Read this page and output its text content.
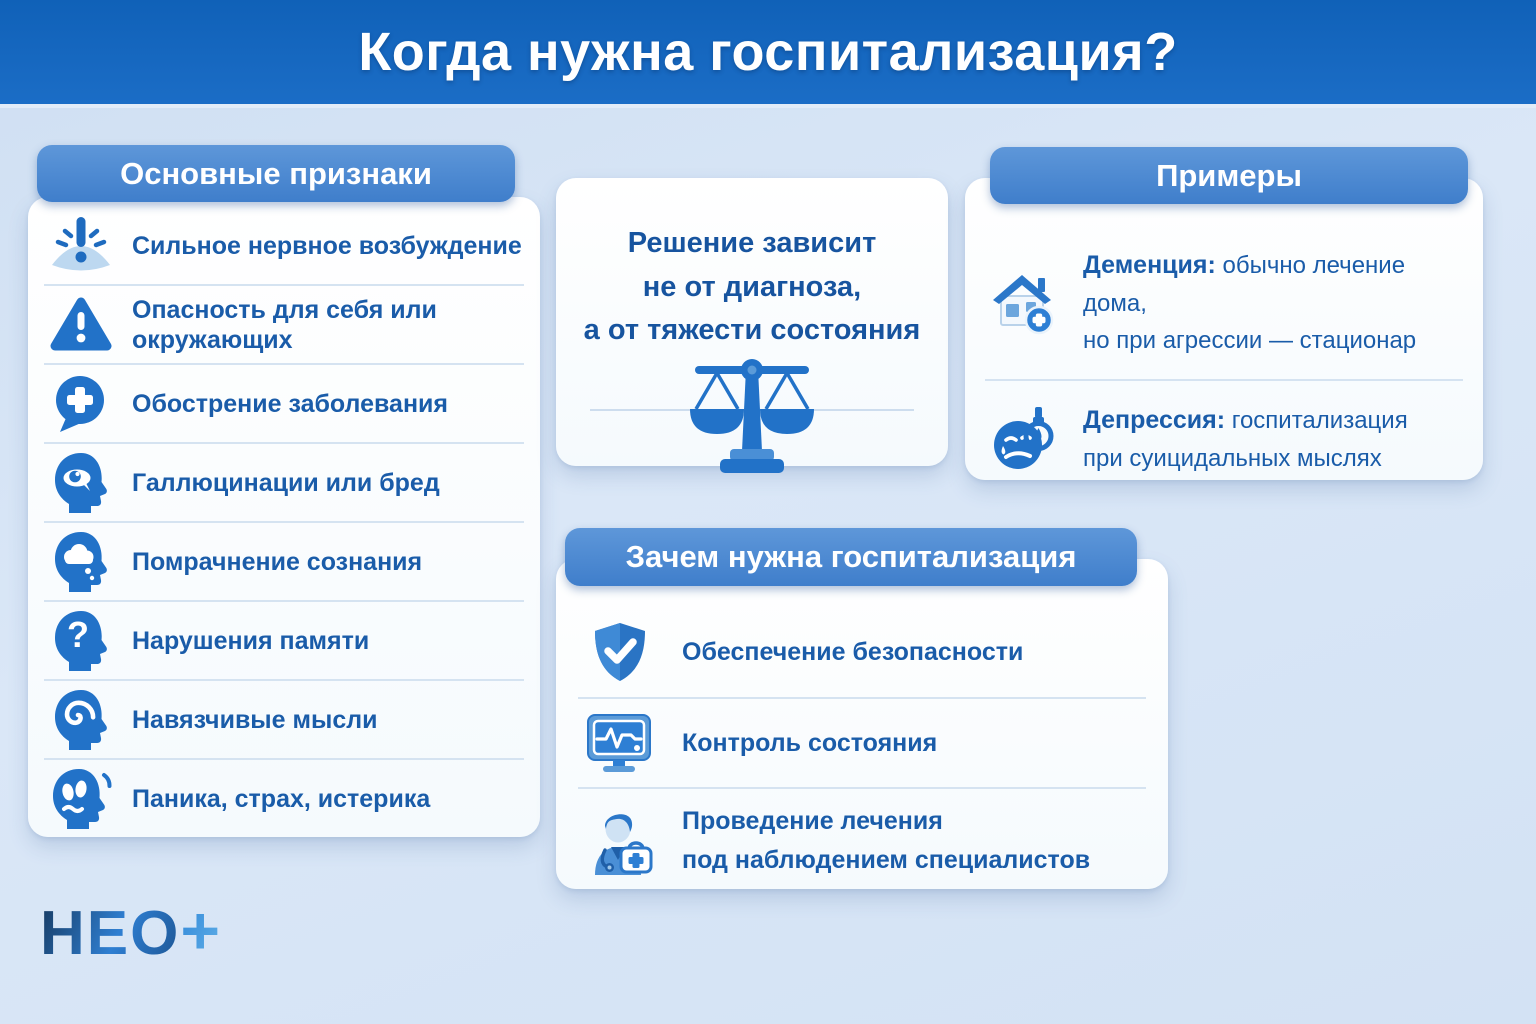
Когда нужна госпитализация?
Основные признаки
Сильное нервное возбуждение
Опасность для себя или окружающих
Обострение заболевания
Галлюцинации или бред
Помрачнение сознания
? Нарушения памяти
Навязчивые мысли
Паника, страх, истерика
Решение зависит
не от диагноза,
а от тяжести состояния
Примеры
Деменция: обычно лечение дома,
но при агрессии — стационар
Депрессия: госпитализация
при суицидальных мыслях
Зачем нужна госпитализация
Обеспечение безопасности
Контроль состояния
Проведение лечения
под наблюдением специалистов
НЕО+
